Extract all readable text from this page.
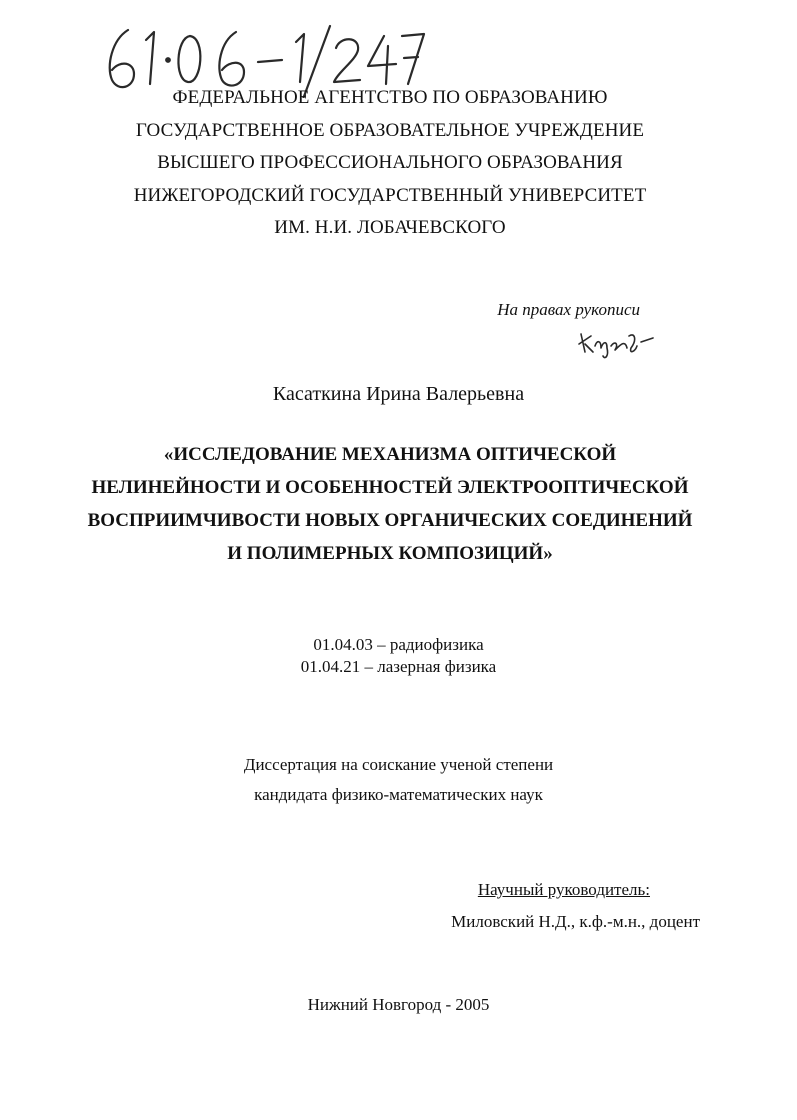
ФЕДЕРАЛЬНОЕ АГЕНТСТВО ПО ОБРАЗОВАНИЮ
ГОСУДАРСТВЕННОЕ ОБРАЗОВАТЕЛЬНОЕ УЧРЕЖДЕНИЕ
ВЫСШЕГО ПРОФЕССИОНАЛЬНОГО ОБРАЗОВАНИЯ
НИЖЕГОРОДСКИЙ ГОСУДАРСТВЕННЫЙ УНИВЕРСИТЕТ
ИМ. Н.И. ЛОБАЧЕВСКОГО
На правах рукописи
Касаткина Ирина Валерьевна
«ИССЛЕДОВАНИЕ МЕХАНИЗМА ОПТИЧЕСКОЙ
НЕЛИНЕЙНОСТИ И ОСОБЕННОСТЕЙ ЭЛЕКТРООПТИЧЕСКОЙ
ВОСПРИИМЧИВОСТИ НОВЫХ ОРГАНИЧЕСКИХ СОЕДИНЕНИЙ
И ПОЛИМЕРНЫХ КОМПОЗИЦИЙ»
01.04.03 – радиофизика
01.04.21 – лазерная физика
Диссертация на соискание ученой степени
кандидата физико-математических наук
Научный руководитель:
Миловский Н.Д., к.ф.-м.н., доцент
Нижний Новгород - 2005
